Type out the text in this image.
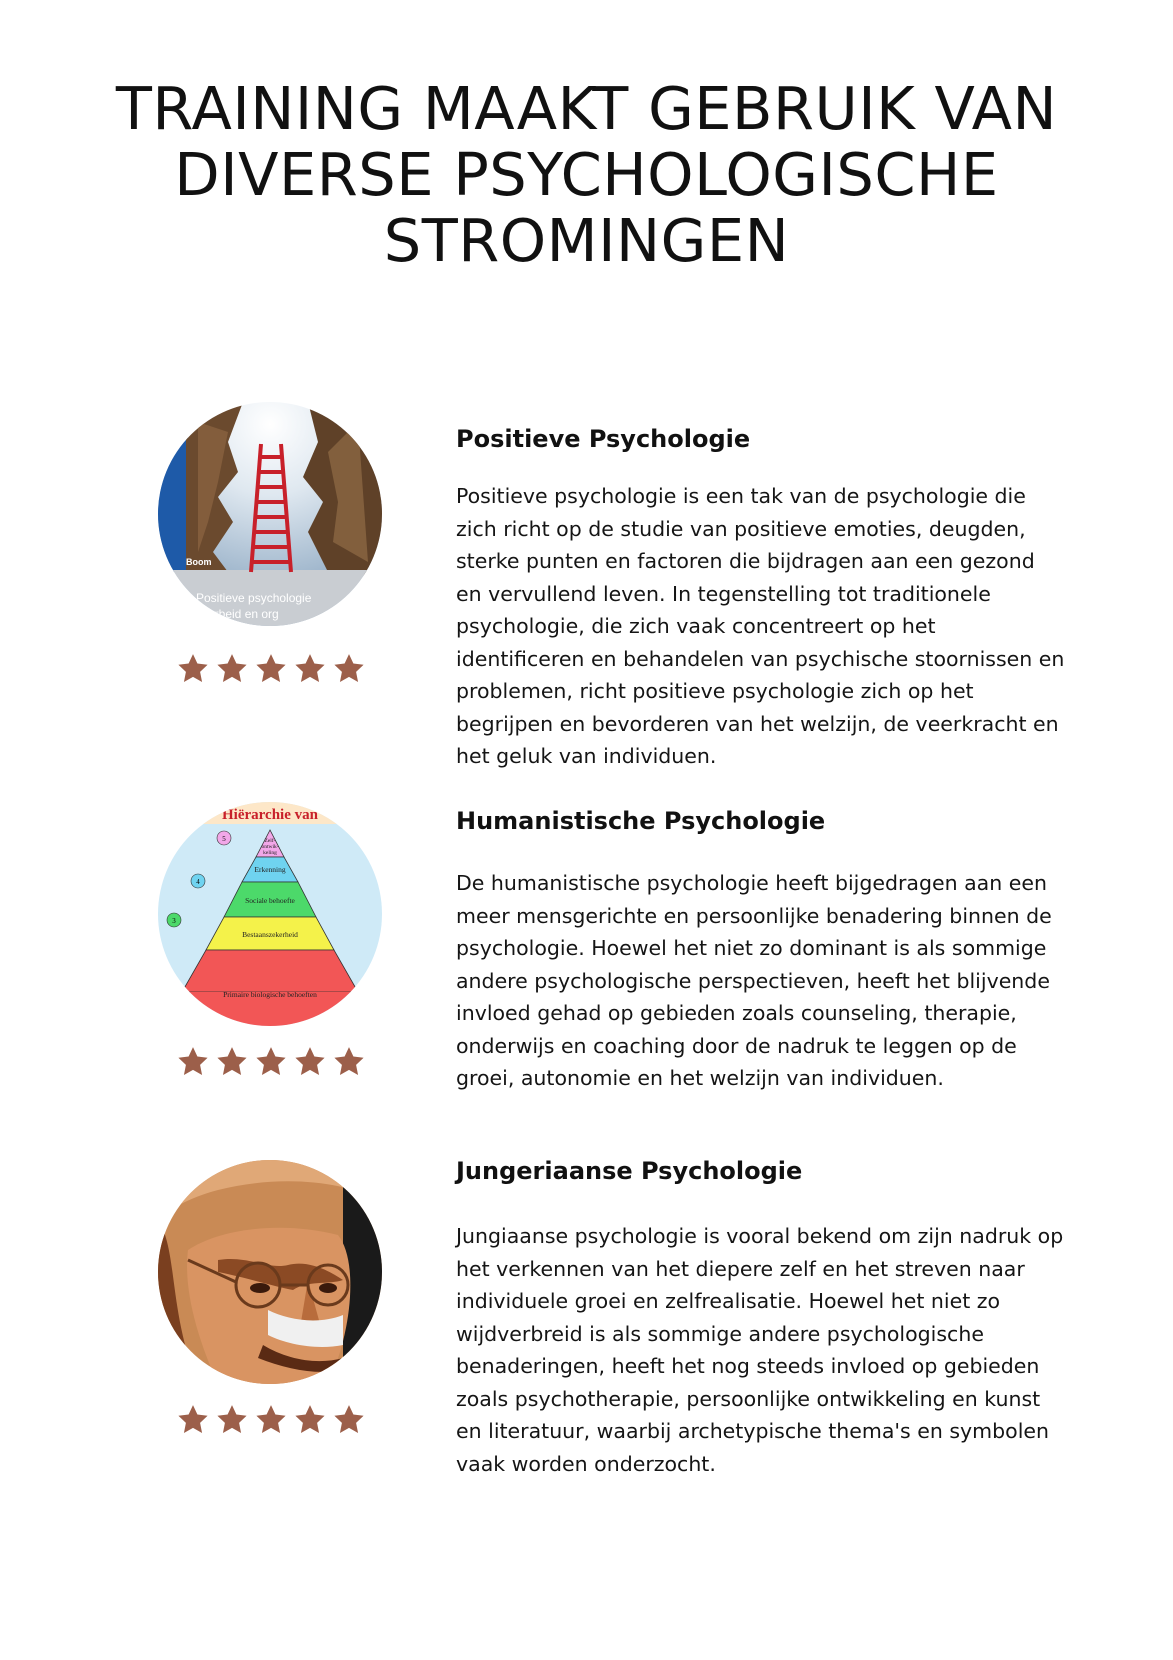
TRAINING MAAKT GEBRUIK VAN
DIVERSE PSYCHOLOGISCHE
STROMINGEN
Boom
Positieve psychologie
arbeid en org
Positieve Psychologie

Positieve psychologie is een tak van de psychologie die zich richt op de studie van positieve emoties, deugden, sterke punten en factoren die bijdragen aan een gezond en vervullend leven. In tegenstelling tot traditionele psychologie, die zich vaak concentreert op het identificeren en behandelen van psychische stoornissen en problemen, richt positieve psychologie zich op het begrijpen en bevorderen van het welzijn, de veerkracht en het geluk van individuen.

Hiërarchie van
Zelf-ontwik-keling
Erkenning
Sociale behoefte
Bestaanszekerheid
Primaire biologische behoeften
5
4
3
Humanistische Psychologie

De humanistische psychologie heeft bijgedragen aan een meer mensgerichte en persoonlijke benadering binnen de psychologie. Hoewel het niet zo dominant is als sommige andere psychologische perspectieven, heeft het blijvende invloed gehad op gebieden zoals counseling, therapie, onderwijs en coaching door de nadruk te leggen op de groei, autonomie en het welzijn van individuen.

Jungeriaanse Psychologie

Jungiaanse psychologie is vooral bekend om zijn nadruk op het verkennen van het diepere zelf en het streven naar individuele groei en zelfrealisatie. Hoewel het niet zo wijdverbreid is als sommige andere psychologische benaderingen, heeft het nog steeds invloed op gebieden zoals psychotherapie, persoonlijke ontwikkeling en kunst en literatuur, waarbij archetypische thema's en symbolen vaak worden onderzocht.
